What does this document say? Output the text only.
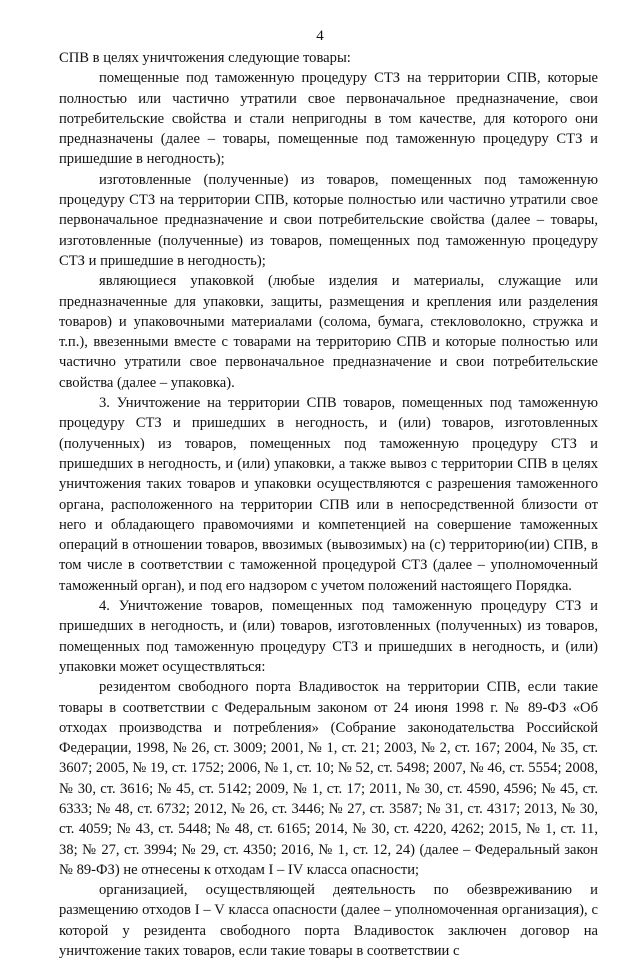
4

СПВ в целях уничтожения следующие товары:

помещенные под таможенную процедуру СТЗ на территории СПВ, которые полностью или частично утратили свое первоначальное предназначение, свои потребительские свойства и стали непригодны в том качестве, для которого они предназначены (далее – товары, помещенные под таможенную процедуру СТЗ и пришедшие в негодность);

изготовленные (полученные) из товаров, помещенных под таможенную процедуру СТЗ на территории СПВ, которые полностью или частично утратили свое первоначальное предназначение и свои потребительские свойства (далее – товары, изготовленные (полученные) из товаров, помещенных под таможенную процедуру СТЗ и пришедшие в негодность);

являющиеся упаковкой (любые изделия и материалы, служащие или предназначенные для упаковки, защиты, размещения и крепления или разделения товаров) и упаковочными материалами (солома, бумага, стекловолокно, стружка и т.п.), ввезенными вместе с товарами на территорию СПВ и которые полностью или частично утратили свое первоначальное предназначение и свои потребительские свойства (далее – упаковка).

3. Уничтожение на территории СПВ товаров, помещенных под таможенную процедуру СТЗ и пришедших в негодность, и (или) товаров, изготовленных (полученных) из товаров, помещенных под таможенную процедуру СТЗ и пришедших в негодность, и (или) упаковки, а также вывоз с территории СПВ в целях уничтожения таких товаров и упаковки осуществляются с разрешения таможенного органа, расположенного на территории СПВ или в непосредственной близости от него и обладающего правомочиями и компетенцией на совершение таможенных операций в отношении товаров, ввозимых (вывозимых) на (с) территорию(ии) СПВ, в том числе в соответствии с таможенной процедурой СТЗ (далее – уполномоченный таможенный орган), и под его надзором с учетом положений настоящего Порядка.

4. Уничтожение товаров, помещенных под таможенную процедуру СТЗ и пришедших в негодность, и (или) товаров, изготовленных (полученных) из товаров, помещенных под таможенную процедуру СТЗ и пришедших в негодность, и (или) упаковки может осуществляться:

резидентом свободного порта Владивосток на территории СПВ, если такие товары в соответствии с Федеральным законом от 24 июня 1998 г. № 89-ФЗ «Об отходах производства и потребления» (Собрание законодательства Российской Федерации, 1998, № 26, ст. 3009; 2001, № 1, ст. 21; 2003, № 2, ст. 167; 2004, № 35, ст. 3607; 2005, № 19, ст. 1752; 2006, № 1, ст. 10; № 52, ст. 5498; 2007, № 46, ст. 5554; 2008, № 30, ст. 3616; № 45, ст. 5142; 2009, № 1, ст. 17; 2011, № 30, ст. 4590, 4596; № 45, ст. 6333; № 48, ст. 6732; 2012, № 26, ст. 3446; № 27, ст. 3587; № 31, ст. 4317; 2013, № 30, ст. 4059; № 43, ст. 5448; № 48, ст. 6165; 2014, № 30, ст. 4220, 4262; 2015, № 1, ст. 11, 38; № 27, ст. 3994; № 29, ст. 4350; 2016, № 1, ст. 12, 24) (далее – Федеральный закон № 89-ФЗ) не отнесены к отходам I – IV класса опасности;

организацией, осуществляющей деятельность по обезвреживанию и размещению отходов I – V класса опасности (далее – уполномоченная организация), с которой у резидента свободного порта Владивосток заключен договор на уничтожение таких товаров, если такие товары в соответствии с
